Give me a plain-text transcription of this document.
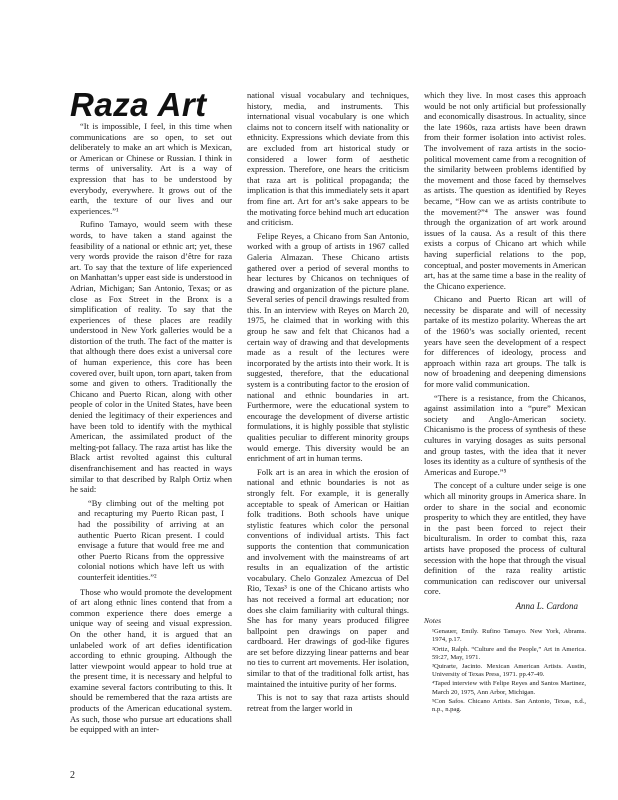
Raza Art

“It is impossible, I feel, in this time when communications are so open, to set out deliberately to make an art which is Mexican, or American or Chinese or Russian. I think in terms of universality. Art is a way of expression that has to be understood by everybody, everywhere. It grows out of the earth, the texture of our lives and our experiences.”¹

Rufino Tamayo, would seem with these words, to have taken a stand against the feasibility of a national or ethnic art; yet, these very words provide the raison d’être for raza art. To say that the texture of life experienced on Manhattan’s upper east side is understood in Adrian, Michigan; San Antonio, Texas; or as close as Fox Street in the Bronx is a simplification of reality. To say that the experiences of these places are readily understood in New York galleries would be a distortion of the truth. The fact of the matter is that although there does exist a universal core of human experience, this core has been covered over, built upon, torn apart, taken from some and given to others. Traditionally the Chicano and Puerto Rican, along with other people of color in the United States, have been denied the legitimacy of their experiences and have been told to identify with the mythical American, the assimilated product of the melting-pot fallacy. The raza artist has like the Black artist revolted against this cultural disenfranchisement and has reacted in ways similar to that described by Ralph Ortiz when he said:

“By climbing out of the melting pot and recapturing my Puerto Rican past, I had the possibility of arriving at an authentic Puerto Rican present. I could envisage a future that would free me and other Puerto Ricans from the oppressive colonial notions which have left us with counterfeit identities.”²

Those who would promote the development of art along ethnic lines contend that from a common experience there does emerge a unique way of seeing and visual expression. On the other hand, it is argued that an unlabeled work of art defies identification according to ethnic grouping. Although the latter viewpoint would appear to hold true at the present time, it is necessary and helpful to examine several factors contributing to this. It should be remembered that the raza artists are products of the American educational system. As such, those who pursue art educations shall be equipped with an inter-

national visual vocabulary and techniques, history, media, and instruments. This international visual vocabulary is one which claims not to concern itself with nationality or ethnicity. Expressions which deviate from this are excluded from art historical study or considered a lower form of aesthetic expression. Therefore, one hears the criticism that raza art is political propaganda; the implication is that this immediately sets it apart from fine art. Art for art’s sake appears to be the motivating force behind much art education and criticism.

Felipe Reyes, a Chicano from San Antonio, worked with a group of artists in 1967 called Galeria Almazan. These Chicano artists gathered over a period of several months to hear lectures by Chicanos on techniques of drawing and organization of the picture plane. Several series of pencil drawings resulted from this. In an interview with Reyes on March 20, 1975, he claimed that in working with this group he saw and felt that Chicanos had a certain way of drawing and that developments made as a result of the lectures were incorporated by the artists into their work. It is suggested, therefore, that the educational system is a contributing factor to the erosion of national and ethnic boundaries in art. Furthermore, were the educational system to encourage the development of diverse artistic formulations, it is highly possible that stylistic qualities peculiar to different minority groups would emerge. This diversity would be an enrichment of art in human terms.

Folk art is an area in which the erosion of national and ethnic boundaries is not as strongly felt. For example, it is generally acceptable to speak of American or Haitian folk traditions. Both schools have unique stylistic features which color the personal conventions of individual artists. This fact supports the contention that communication and involvement with the mainstreams of art results in an equalization of the artistic vocabulary. Chelo Gonzalez Amezcua of Del Rio, Texas³ is one of the Chicano artists who has not received a formal art education; nor does she claim familiarity with cultural things. She has for many years produced filigree ballpoint pen drawings on paper and cardboard. Her drawings of god-like figures are set before dizzying linear patterns and bear no ties to current art movements. Her isolation, similar to that of the traditional folk artist, has maintained the intuitive purity of her forms.

This is not to say that raza artists should retreat from the larger world in

which they live. In most cases this approach would be not only artificial but professionally and economically disastrous. In actuality, since the late 1960s, raza artists have been drawn from their former isolation into activist roles. The involvement of raza artists in the socio-political movement came from a recognition of the similarity between problems identified by the movement and those faced by themselves as artists. The question as identified by Reyes became, “How can we as artists contribute to the movement?”⁴ The answer was found through the organization of art work around issues of la causa. As a result of this there exists a corpus of Chicano art which while having superficial relations to the pop, conceptual, and poster movements in American art, has at the same time a base in the reality of the Chicano experience.

Chicano and Puerto Rican art will of necessity be disparate and will of necessity partake of its mestizo polarity. Whereas the art of the 1960’s was socially oriented, recent years have seen the development of a respect for differences of ideology, process and approach within raza art groups. The talk is now of broadening and deepening dimensions for more valid communication.

“There is a resistance, from the Chicanos, against assimilation into a “pure” Mexican society and Anglo-American society. Chicanismo is the process of synthesis of these cultures in varying dosages as suits personal and group tastes, with the idea that it never loses its identity as a culture of synthesis of the Americas and Europe.”⁵

The concept of a culture under seige is one which all minority groups in America share. In order to share in the social and economic prosperity to which they are entitled, they have in the past been forced to reject their biculturalism. In order to combat this, raza artists have proposed the process of cultural secession with the hope that through the visual definition of the raza reality artistic communication can rediscover our universal core.

Anna L. Cardona
Notes
¹Genauer, Emily. Rufino Tamayo. New York, Abrams. 1974, p.17.
²Ortiz, Ralph. “Culture and the People,” Art in America. 59:27, May, 1971.
³Quirarte, Jacinto. Mexican American Artists. Austin, University of Texas Press, 1971. pp.47-49.
⁴Taped interview with Felipe Reyes and Santos Martinez, March 20, 1975, Ann Arbor, Michigan.
⁵Con Safos. Chicano Artists. San Antonio, Texas, n.d., n.p., n.pag.
2
